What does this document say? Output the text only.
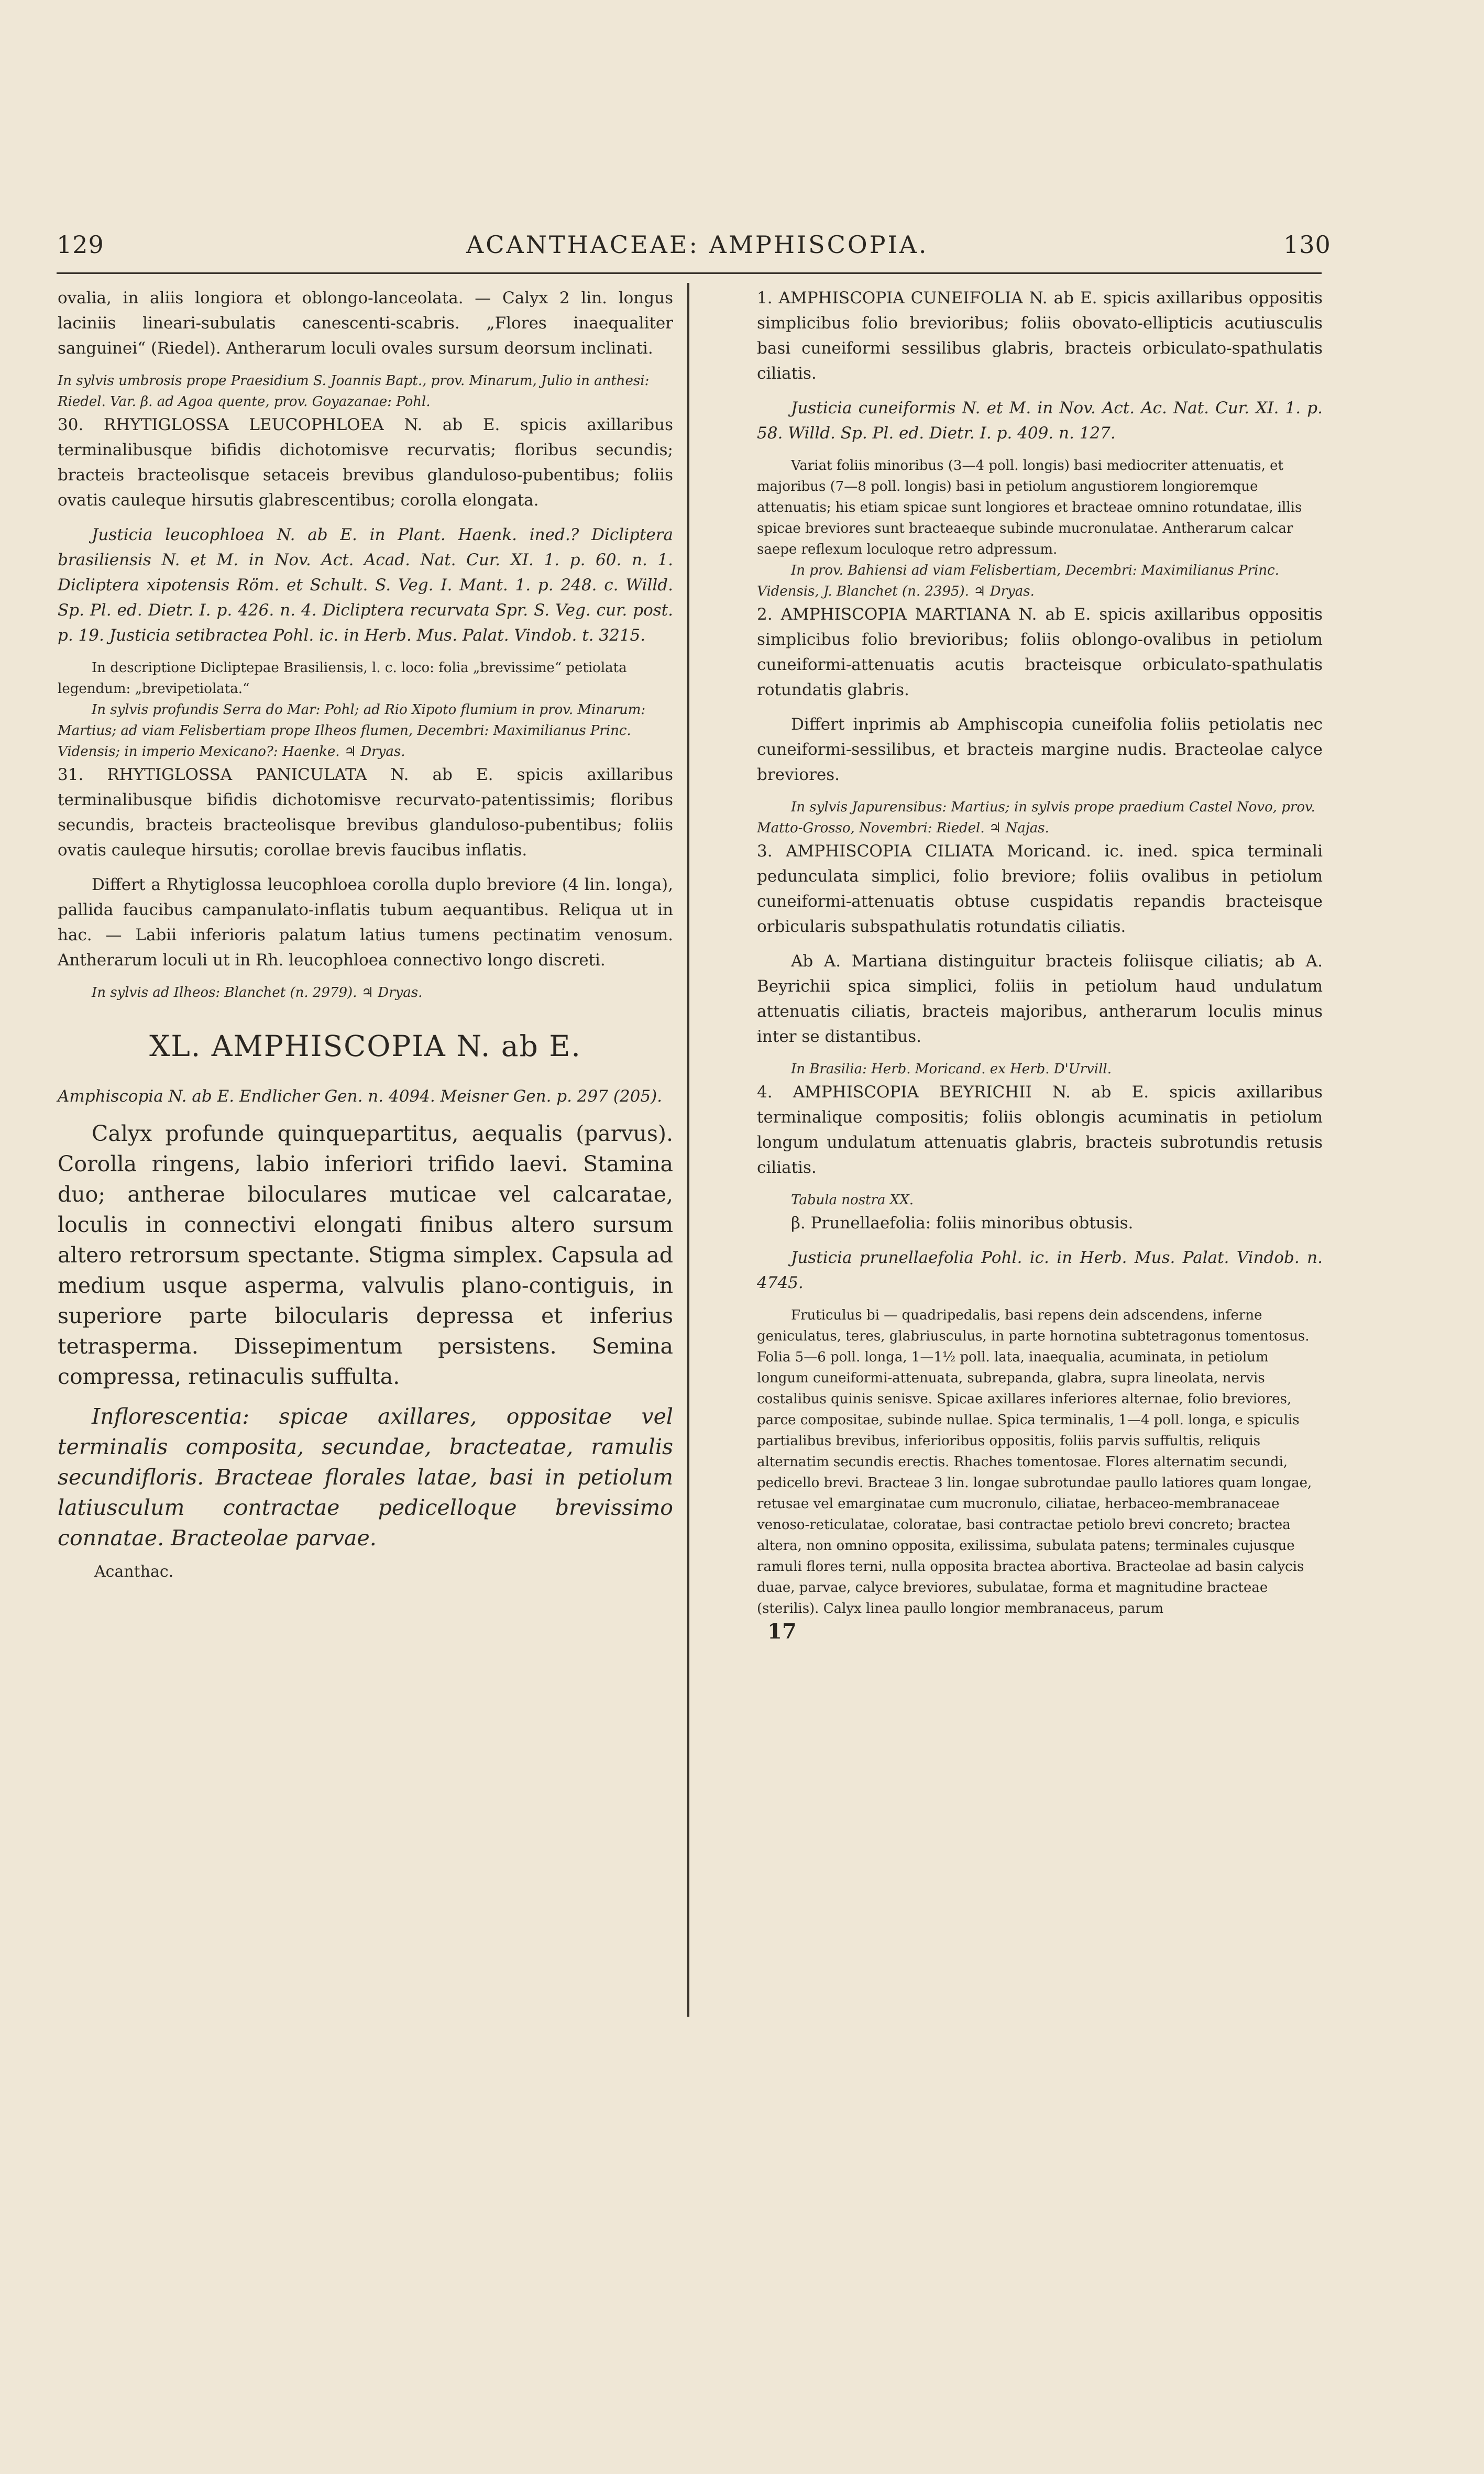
129	ACANTHACEAE: AMPHISCOPIA.	130
ovalia, in aliis longiora et oblongo-lanceolata. — Calyx 2 lin. longus laciniis lineari-subulatis canescenti-scabris. „Flores inaequaliter sanguinei“ (Riedel). Antherarum loculi ovales sursum deorsum inclinati.
In sylvis umbrosis prope Praesidium S. Joannis Bapt., prov. Minarum, Julio in anthesi: Riedel. Var. β. ad Agoa quente, prov. Goyazanae: Pohl.
30. RHYTIGLOSSA LEUCOPHLOEA N. ab E. spicis axillaribus terminalibusque bifidis dichotomisve recurvatis; floribus secundis; bracteis bracteolisque setaceis brevibus glanduloso-pubentibus; foliis ovatis cauleque hirsutis glabrescentibus; corolla elongata.
Justicia leucophloea N. ab E. in Plant. Haenk. ined.? Dicliptera brasiliensis N. et M. in Nov. Act. Acad. Nat. Cur. XI. 1. p. 60. n. 1. Dicliptera xipotensis Röm. et Schult. S. Veg. I. Mant. 1. p. 248. c. Willd. Sp. Pl. ed. Dietr. I. p. 426. n. 4. Dicliptera recurvata Spr. S. Veg. cur. post. p. 19. Justicia setibractea Pohl. ic. in Herb. Mus. Palat. Vindob. t. 3215.
In descriptione Dicliptерae Brasiliensis, l. c. loco: folia „brevissime“ petiolata legendum: „brevipetiolata.“
In sylvis profundis Serra do Mar: Pohl; ad Rio Xipoto flumium in prov. Minarum: Martius; ad viam Felisbertiam prope Ilheos flumen, Decembri: Maximilianus Princ. Vidensis; in imperio Mexicano?: Haenke. ♃ Dryas.
31. RHYTIGLOSSA PANICULATA N. ab E. spicis axillaribus terminalibusque bifidis dichotomisve recurvato-patentissimis; floribus secundis, bracteis bracteolisque brevibus glanduloso-pubentibus; foliis ovatis cauleque hirsutis; corollae brevis faucibus inflatis.
Differt a Rhytiglossa leucophloea corolla duplo breviore (4 lin. longa), pallida faucibus campanulato-inflatis tubum aequantibus. Reliqua ut in hac. — Labii inferioris palatum latius tumens pectinatim venosum. Antherarum loculi ut in Rh. leucophloea connectivo longo discreti.
In sylvis ad Ilheos: Blanchet (n. 2979). ♃ Dryas.
XL. AMPHISCOPIA N. ab E.
Amphiscopia N. ab E. Endlicher Gen. n. 4094. Meisner Gen. p. 297 (205).
Calyx profunde quinquepartitus, aequalis (parvus). Corolla ringens, labio inferiori trifido laevi. Stamina duo; antherae biloculares muticae vel calcaratae, loculis in connectivi elongati finibus altero sursum altero retrorsum spectante. Stigma simplex. Capsula ad medium usque asperma, valvulis plano-contiguis, in superiore parte bilocularis depressa et inferius tetrasperma. Dissepimentum persistens. Semina compressa, retinaculis suffulta.
Inflorescentia: spicae axillares, oppositae vel terminalis composita, secundae, bracteatae, ramulis secundifloris. Bracteae florales latae, basi in petiolum latiusculum contractae pedicelloque brevissimo connatae. Bracteolae parvae.
Acanthac.
1. AMPHISCOPIA CUNEIFOLIA N. ab E. spicis axillaribus oppositis simplicibus folio brevioribus; foliis obovato-ellipticis acutiusculis basi cuneiformi sessilibus glabris, bracteis orbiculato-spathulatis ciliatis.
Justicia cuneiformis N. et M. in Nov. Act. Ac. Nat. Cur. XI. 1. p. 58. Willd. Sp. Pl. ed. Dietr. I. p. 409. n. 127.
Variat foliis minoribus (3—4 poll. longis) basi mediocriter attenuatis, et majoribus (7—8 poll. longis) basi in petiolum angustiorem longioremque attenuatis; his etiam spicae sunt longiores et bracteae omnino rotundatae, illis spicae breviores sunt bracteaeque subinde mucronulatae. Antherarum calcar saepe reflexum loculoque retro adpressum.
In prov. Bahiensi ad viam Felisbertiam, Decembri: Maximilianus Princ. Vidensis, J. Blanchet (n. 2395). ♃ Dryas.
2. AMPHISCOPIA MARTIANA N. ab E. spicis axillaribus oppositis simplicibus folio brevioribus; foliis oblongo-ovalibus in petiolum cuneiformi-attenuatis acutis bracteisque orbiculato-spathulatis rotundatis glabris.
Differt inprimis ab Amphiscopia cuneifolia foliis petiolatis nec cuneiformi-sessilibus, et bracteis margine nudis. Bracteolae calyce breviores.
In sylvis Japurensibus: Martius; in sylvis prope praedium Castel Novo, prov. Matto-Grosso, Novembri: Riedel. ♃ Najas.
3. AMPHISCOPIA CILIATA Moricand. ic. ined. spica terminali pedunculata simplici, folio breviore; foliis ovalibus in petiolum cuneiformi-attenuatis obtuse cuspidatis repandis bracteisque orbicularis subspathulatis rotundatis ciliatis.
Ab A. Martiana distinguitur bracteis foliisque ciliatis; ab A. Beyrichii spica simplici, foliis in petiolum haud undulatum attenuatis ciliatis, bracteis majoribus, antherarum loculis minus inter se distantibus.
In Brasilia: Herb. Moricand. ex Herb. D'Urvill.
4. AMPHISCOPIA BEYRICHII N. ab E. spicis axillaribus terminalique compositis; foliis oblongis acuminatis in petiolum longum undulatum attenuatis glabris, bracteis subrotundis retusis ciliatis.
Tabula nostra XX.
β. Prunellaefolia: foliis minoribus obtusis.
Justicia prunellaefolia Pohl. ic. in Herb. Mus. Palat. Vindob. n. 4745.
Fruticulus bi — quadripedalis, basi repens dein adscendens, inferne geniculatus, teres, glabriusculus, in parte hornotina subtetragonus tomentosus. Folia 5—6 poll. longa, 1—1½ poll. lata, inaequalia, acuminata, in petiolum longum cuneiformi-attenuata, subrepanda, glabra, supra lineolata, nervis costalibus quinis senisve. Spicae axillares inferiores alternae, folio breviores, parce compositae, subinde nullae. Spica terminalis, 1—4 poll. longa, e spiculis partialibus brevibus, inferioribus oppositis, foliis parvis suffultis, reliquis alternatim secundis erectis. Rhaches tomentosae. Flores alternatim secundi, pedicello brevi. Bracteae 3 lin. longae subrotundae paullo latiores quam longae, retusae vel emarginatae cum mucronulo, ciliatae, herbaceo-membranaceae venoso-reticulatae, coloratae, basi contractae petiolo brevi concreto; bractea altera, non omnino opposita, exilissima, subulata patens; terminales cujusque ramuli flores terni, nulla opposita bractea abortiva. Bracteolae ad basin calycis duae, parvae, calyce breviores, subulatae, forma et magnitudine bracteae (sterilis). Calyx linea paullo longior membranaceus, parum
17
